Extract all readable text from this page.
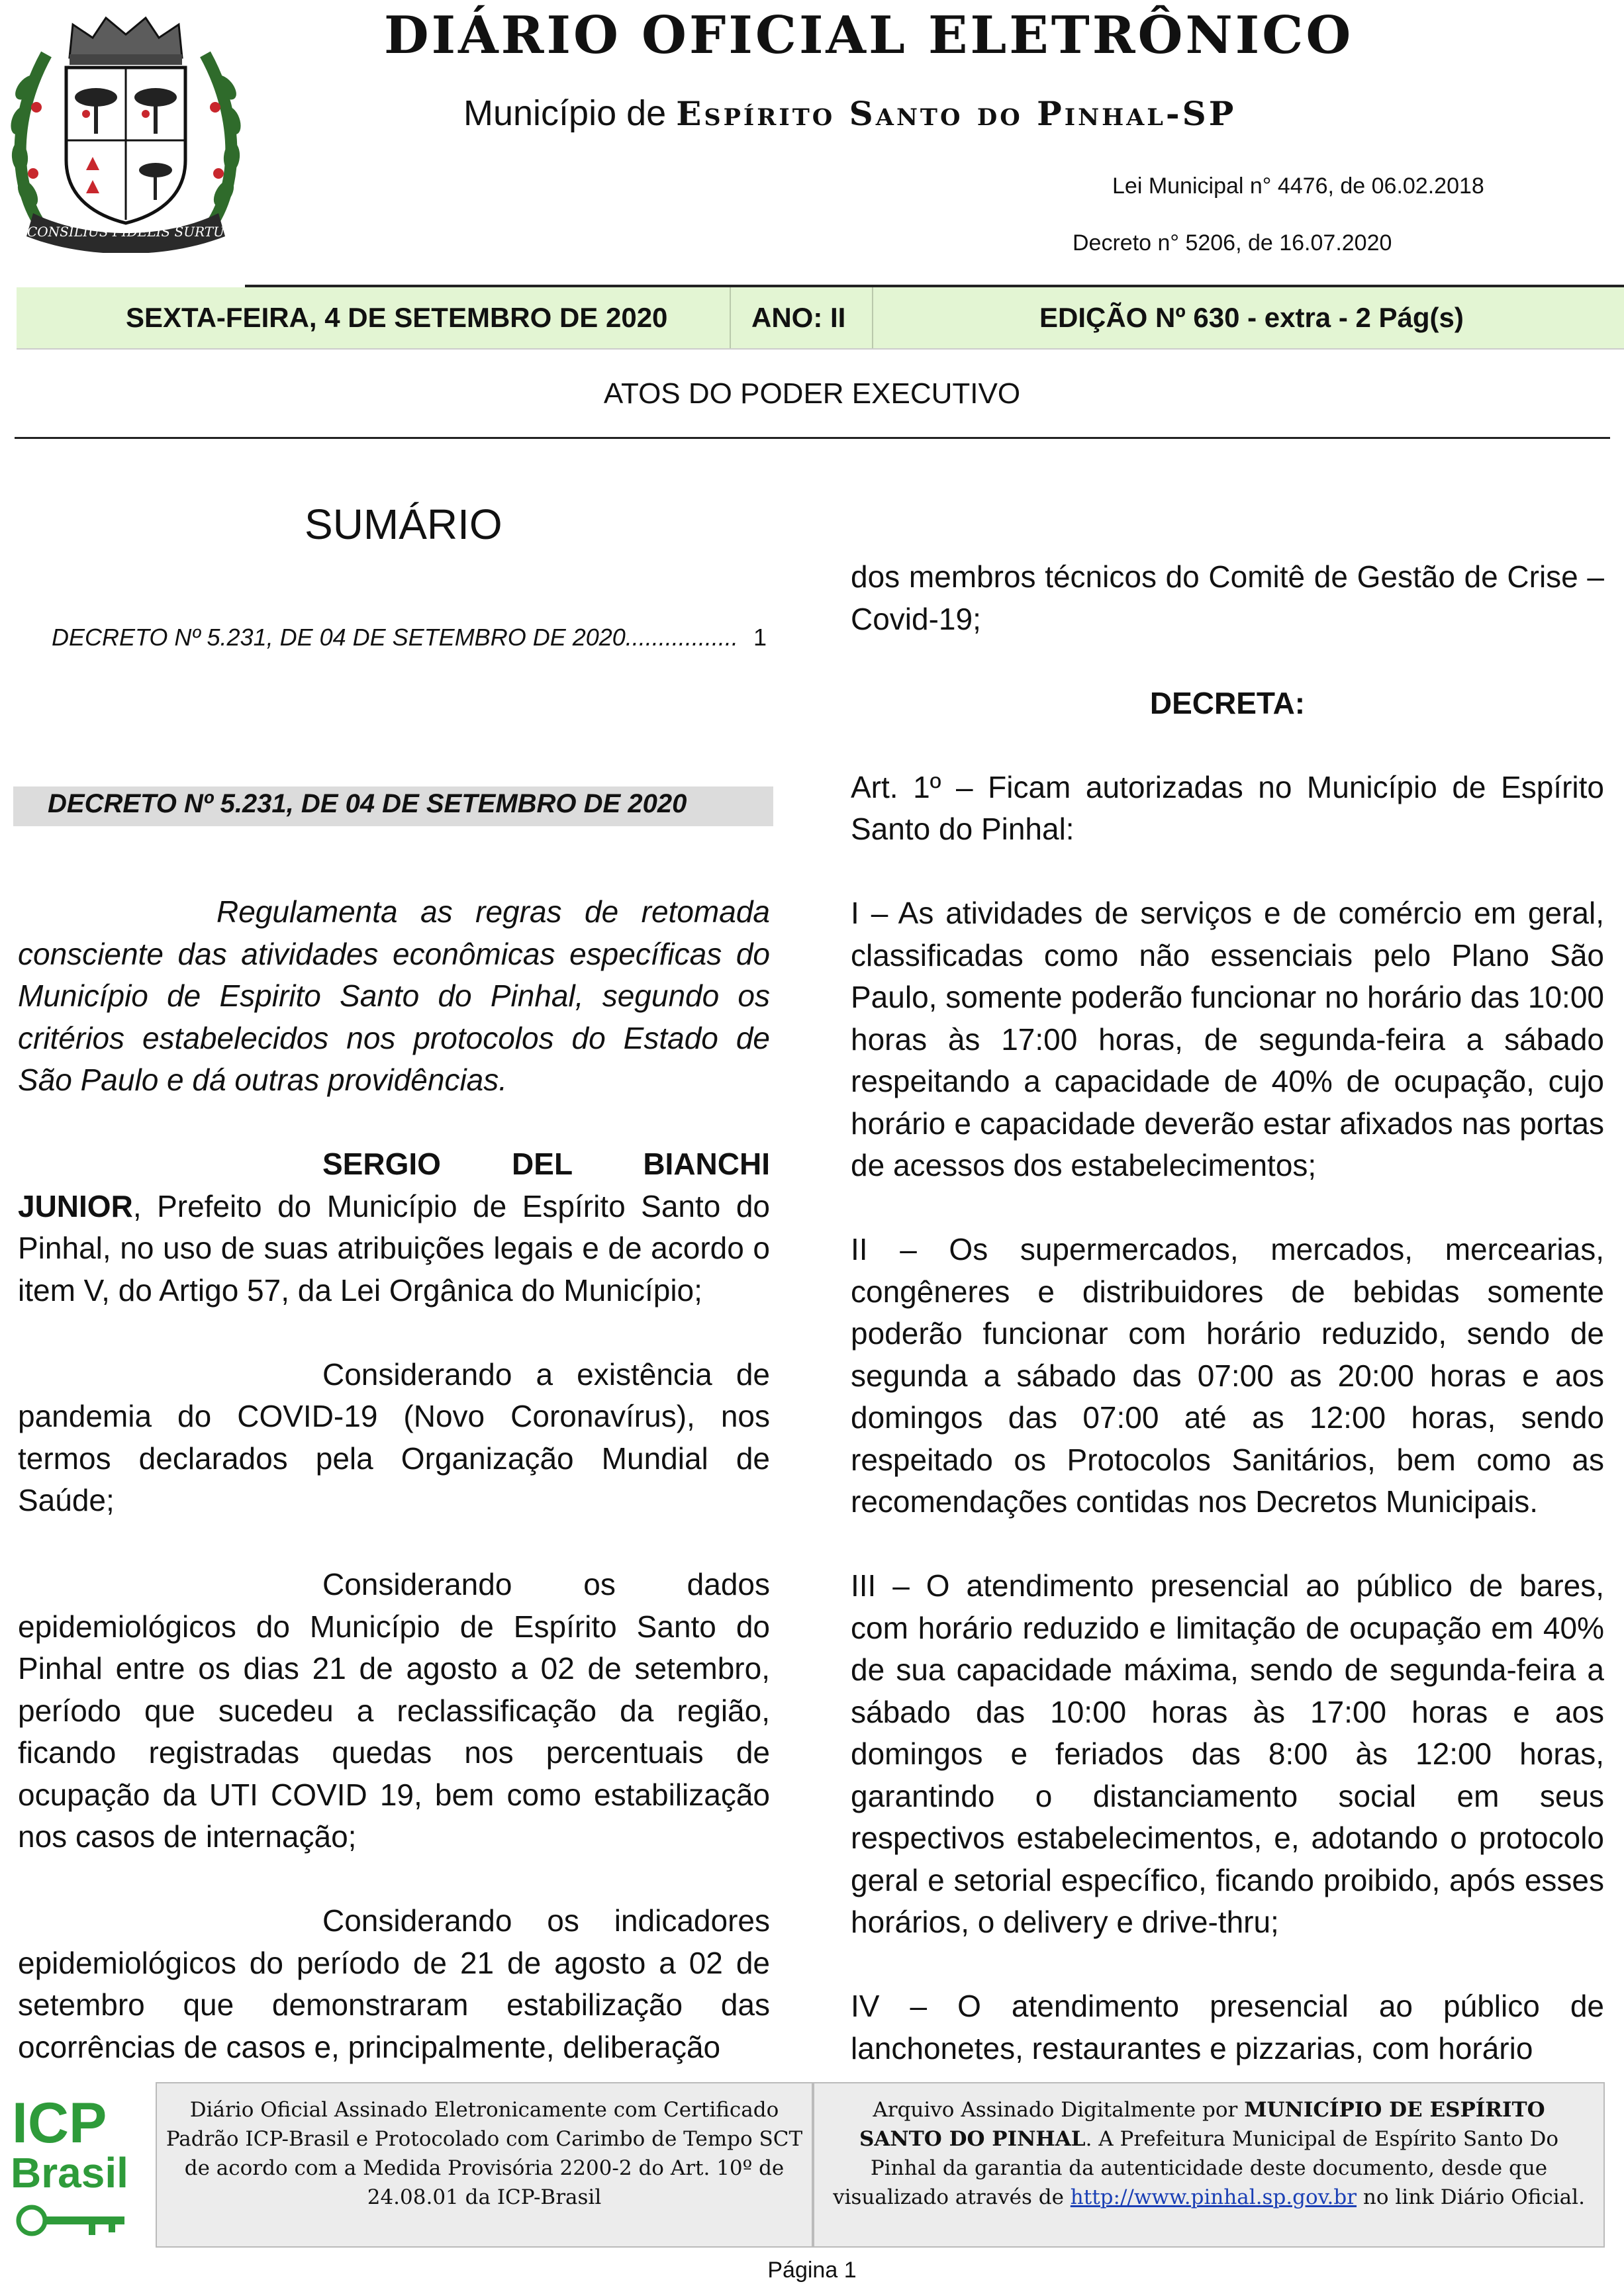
CONSILIUS FIDELIS SURTU
DIÁRIO OFICIAL ELETRÔNICO
Município de Espírito Santo do Pinhal-SP
Lei Municipal n° 4476, de 06.02.2018
Decreto n° 5206, de 16.07.2020
SEXTA-FEIRA, 4 DE SETEMBRO DE 2020	ANO: II	EDIÇÃO Nº 630 - extra - 2 Pág(s)
ATOS DO PODER EXECUTIVO
SUMÁRIO
DECRETO Nº 5.231, DE 04 DE SETEMBRO DE 2020................. 1
DECRETO Nº 5.231, DE 04 DE SETEMBRO DE 2020

Regulamenta as regras de retomada consciente das atividades econômicas específicas do Município de Espirito Santo do Pinhal, segundo os critérios estabelecidos nos protocolos do Estado de São Paulo e dá outras providências.

SERGIO DEL BIANCHI JUNIOR, Prefeito do Município de Espírito Santo do Pinhal, no uso de suas atribuições legais e de acordo o item V, do Artigo 57, da Lei Orgânica do Município;

Considerando a existência de pandemia do COVID-19 (Novo Coronavírus), nos termos declarados pela Organização Mundial de Saúde;

Considerando os dados epidemiológicos do Município de Espírito Santo do Pinhal entre os dias 21 de agosto a 02 de setembro, período que sucedeu a reclassificação da região, ficando registradas quedas nos percentuais de ocupação da UTI COVID 19, bem como estabilização nos casos de internação;

Considerando os indicadores epidemiológicos do período de 21 de agosto a 02 de setembro que demonstraram estabilização das ocorrências de casos e, principalmente, deliberação

dos membros técnicos do Comitê de Gestão de Crise – Covid-19;

DECRETA:

Art. 1º – Ficam autorizadas no Município de Espírito Santo do Pinhal:

I – As atividades de serviços e de comércio em geral, classificadas como não essenciais pelo Plano São Paulo, somente poderão funcionar no horário das 10:00 horas às 17:00 horas, de segunda-feira a sábado respeitando a capacidade de 40% de ocupação, cujo horário e capacidade deverão estar afixados nas portas de acessos dos estabelecimentos;

II – Os supermercados, mercados, mercearias, congêneres e distribuidores de bebidas somente poderão funcionar com horário reduzido, sendo de segunda a sábado das 07:00 as 20:00 horas e aos domingos das 07:00 até as 12:00 horas, sendo respeitado os Protocolos Sanitários, bem como as recomendações contidas nos Decretos Municipais.

III – O atendimento presencial ao público de bares, com horário reduzido e limitação de ocupação em 40% de sua capacidade máxima, sendo de segunda-feira a sábado das 10:00 horas às 17:00 horas e aos domingos e feriados das 8:00 às 12:00 horas, garantindo o distanciamento social em seus respectivos estabelecimentos, e, adotando o protocolo geral e setorial específico, ficando proibido, após esses horários, o delivery e drive-thru;

IV – O atendimento presencial ao público de lanchonetes, restaurantes e pizzarias, com horário

ICP
Brasil
Diário Oficial Assinado Eletronicamente com Certificado Padrão ICP-Brasil e Protocolado com Carimbo de Tempo SCT de acordo com a Medida Provisória 2200-2 do Art. 10º de 24.08.01 da ICP-Brasil
Arquivo Assinado Digitalmente por MUNICÍPIO DE ESPÍRITO SANTO DO PINHAL. A Prefeitura Municipal de Espírito Santo Do Pinhal da garantia da autenticidade deste documento, desde que visualizado através de http://www.pinhal.sp.gov.br no link Diário Oficial.
Página 1
